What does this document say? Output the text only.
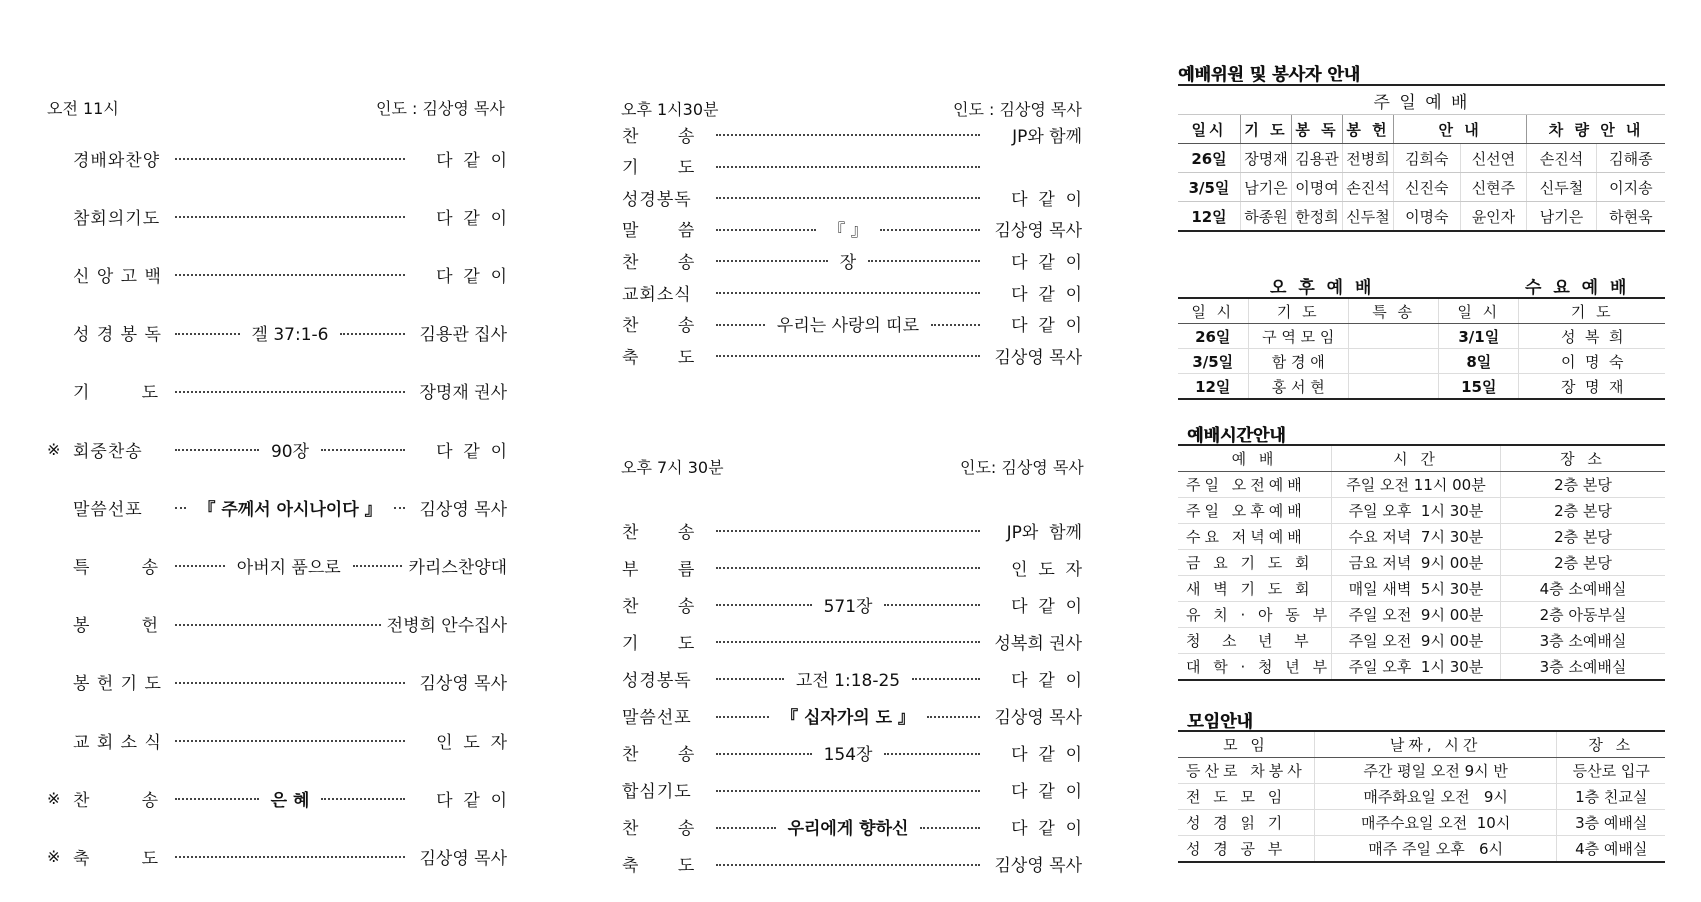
오전 11시	인도 : 김상영 목사
경배와찬양	다  같  이
참회의기도	다  같  이
신 앙 고 백	다  같  이
성 경 봉 독	겔 37:1-6	김용관 집사
기        도	장명재 권사
※ 회중찬송	90장	다  같  이
말씀선포	『 주께서 아시나이다 』	김상영 목사
특        송	아버지 품으로	카리스찬양대
봉        헌	전병희 안수집사
봉 헌 기 도	김상영 목사
교 회 소 식	인  도  자
※ 찬        송	은 혜	다  같  이
※ 축        도	김상영 목사
오후 1시30분	인도 : 김상영 목사
찬      송	JP와 함께
기      도
성경봉독	다  같  이
말      씀	『 』	김상영 목사
찬      송	장	다  같  이
교회소식	다  같  이
찬      송	우리는 사랑의 띠로	다  같  이
축      도	김상영 목사
오후 7시 30분	인도: 김상영 목사
찬      송	JP와  함께
부      름	인  도  자
찬      송	571장	다  같  이
기      도	성복희 권사
성경봉독	고전 1:18-25	다  같  이
말씀선포	『 십자가의 도 』	김상영 목사
찬      송	154장	다  같  이
합심기도	다  같  이
찬      송	우리에게 향하신	다  같  이
축      도	김상영 목사
예배위원 및 봉사자 안내
주 일 예 배							
일시	기 도	봉 독	봉 헌	안 내		차 량 안 내	
26일	장명재	김용관	전병희	김희숙	신선연	손진석	김해종
3/5일	남기은	이명여	손진석	신진숙	신현주	신두철	이지송
12일	하종원	한정희	신두철	이명숙	윤인자	남기은	하현욱
오 후 예 배	수 요 예 배
일 시	기 도	특 송	일 시	기 도
26일	구 역 모 임		3/1일	성  복  희
3/5일	함 경 애		8일	이  명  숙
12일	홍 서 현		15일	장  명  재
예배시간안내
예 배	시 간	장 소
주일 오전예배	주일 오전 11시 00분	2층 본당
주일 오후예배	주일 오후  1시 30분	2층 본당
수요 저녁예배	수요 저녁  7시 30분	2층 본당
금 요 기 도 회	금요 저녁  9시 00분	2층 본당
새 벽 기 도 회	매일 새벽  5시 30분	4층 소예배실
유 치 · 아 동 부	주일 오전  9시 00분	2층 아동부실
청  소  년  부	주일 오전  9시 00분	3층 소예배실
대 학 · 청 년 부	주일 오후  1시 30분	3층 소예배실
모임안내
모 임	날짜, 시간	장 소
등산로 차봉사	주간 평일 오전 9시 반	등산로 입구
전 도 모 임	매주화요일 오전   9시	1층 친교실
성 경 읽 기	매주수요일 오전  10시	3층 예배실
성 경 공 부	매주 주일 오후   6시	4층 예배실
